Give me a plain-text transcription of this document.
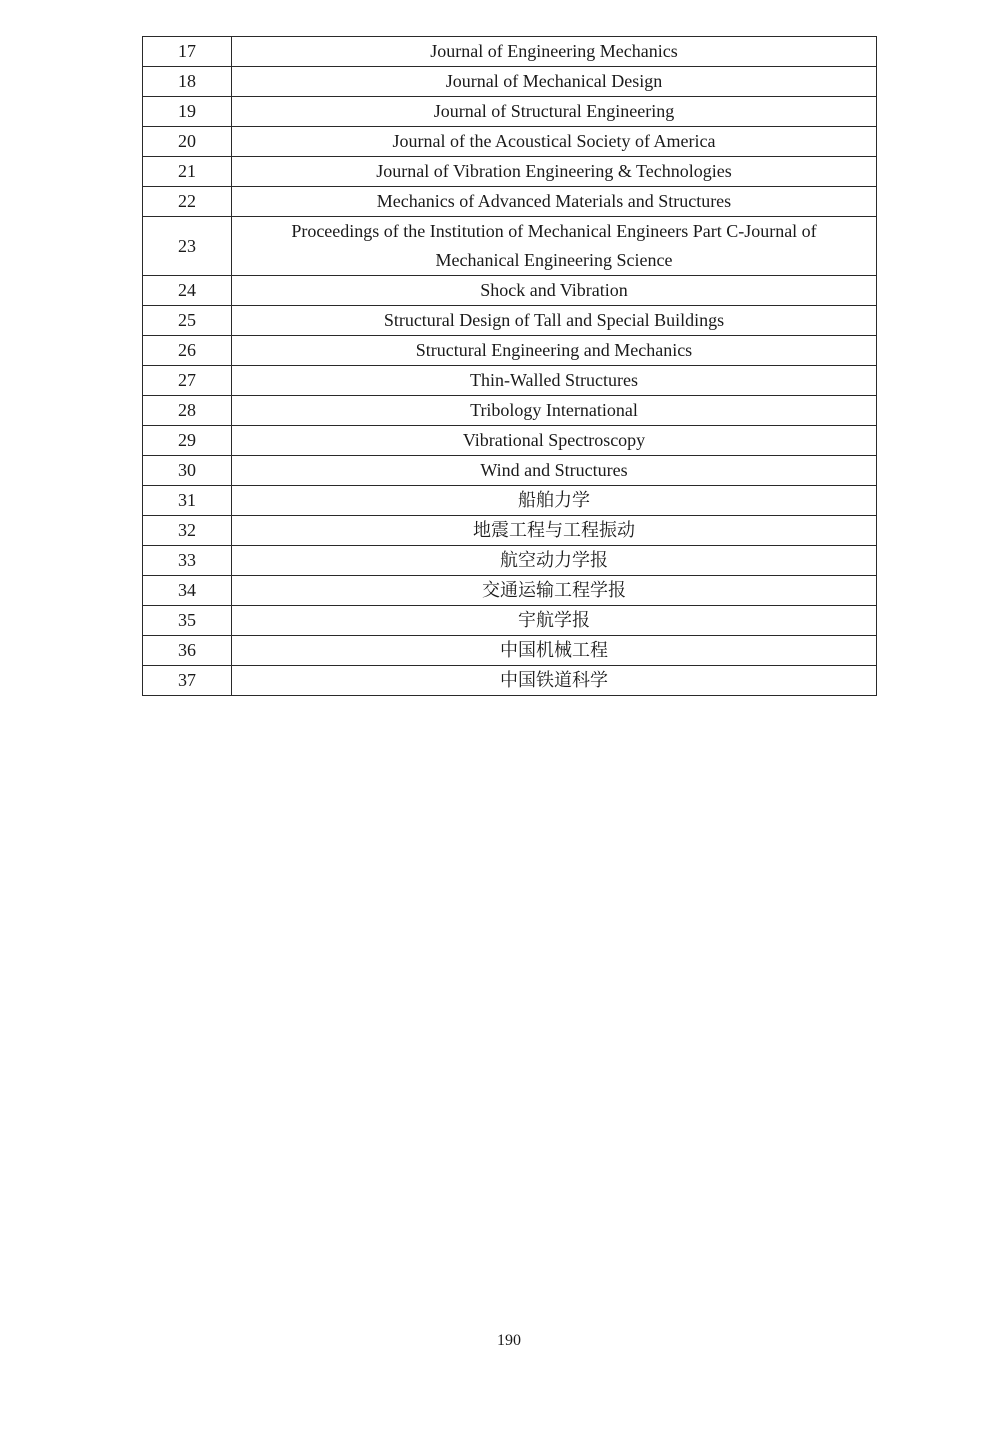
17	Journal of Engineering Mechanics
18	Journal of Mechanical Design
19	Journal of Structural Engineering
20	Journal of the Acoustical Society of America
21	Journal of Vibration Engineering & Technologies
22	Mechanics of Advanced Materials and Structures
23	Proceedings of the Institution of Mechanical Engineers Part C-Journal of
Mechanical Engineering Science

24	Shock and Vibration
25	Structural Design of Tall and Special Buildings
26	Structural Engineering and Mechanics
27	Thin-Walled Structures
28	Tribology International
29	Vibrational Spectroscopy
30	Wind and Structures
31	船舶力学
32	地震工程与工程振动
33	航空动力学报
34	交通运输工程学报
35	宇航学报
36	中国机械工程
37	中国铁道科学
190
